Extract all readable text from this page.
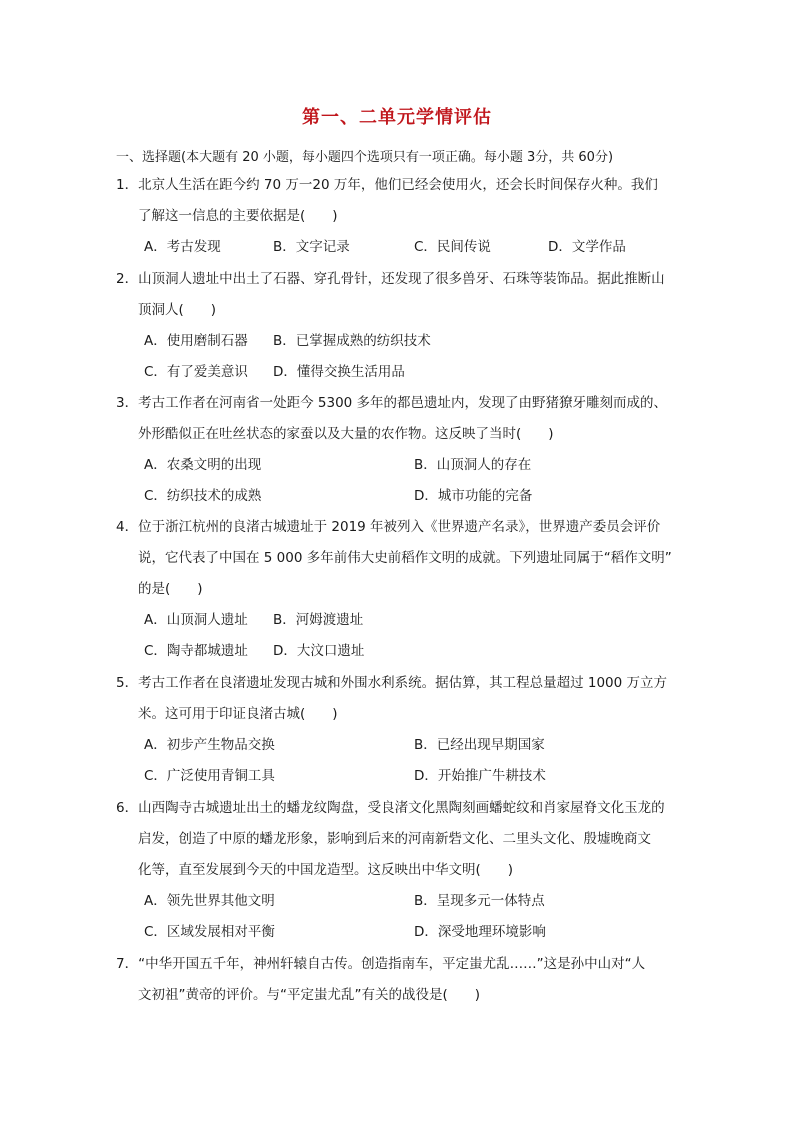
第一、二单元学情评估
一、选择题(本大题有 20 小题，每小题四个选项只有一项正确。每小题 3分，共 60分)
1．北京人生活在距今约 70 万一20 万年，他们已经会使用火，还会长时间保存火种。我们
了解这一信息的主要依据是(　　)
A．考古发现	B．文字记录	C．民间传说	D．文学作品
2．山顶洞人遗址中出土了石器、穿孔骨针，还发现了很多兽牙、石珠等装饰品。据此推断山
顶洞人(　　)
A．使用磨制石器 B．已掌握成熟的纺织技术
C．有了爱美意识 D．懂得交换生活用品
3．考古工作者在河南省一处距今 5300 多年的都邑遗址内，发现了由野猪獠牙雕刻而成的、
外形酷似正在吐丝状态的家蚕以及大量的农作物。这反映了当时(　　)
A．农桑文明的出现	B．山顶洞人的存在
C．纺织技术的成熟	D．城市功能的完备
4．位于浙江杭州的良渚古城遗址于 2019 年被列入《世界遗产名录》，世界遗产委员会评价
说，它代表了中国在 5 000 多年前伟大史前稻作文明的成就。下列遗址同属于“稻作文明”
的是(　　)
A．山顶洞人遗址 B．河姆渡遗址
C．陶寺都城遗址 D．大汶口遗址
5．考古工作者在良渚遗址发现古城和外围水利系统。据估算，其工程总量超过 1000 万立方
米。这可用于印证良渚古城(　　)
A．初步产生物品交换	B．已经出现早期国家
C．广泛使用青铜工具	D．开始推广牛耕技术
6．山西陶寺古城遗址出土的蟠龙纹陶盘，受良渚文化黑陶刻画蟠蛇纹和肖家屋脊文化玉龙的
启发，创造了中原的蟠龙形象，影响到后来的河南新砦文化、二里头文化、殷墟晚商文
化等，直至发展到今天的中国龙造型。这反映出中华文明(　　)
A．领先世界其他文明	B．呈现多元一体特点
C．区域发展相对平衡	D．深受地理环境影响
7．“中华开国五千年，神州轩辕自古传。创造指南车，平定蚩尤乱……”这是孙中山对“人
文初祖”黄帝的评价。与“平定蚩尤乱”有关的战役是(　　)
